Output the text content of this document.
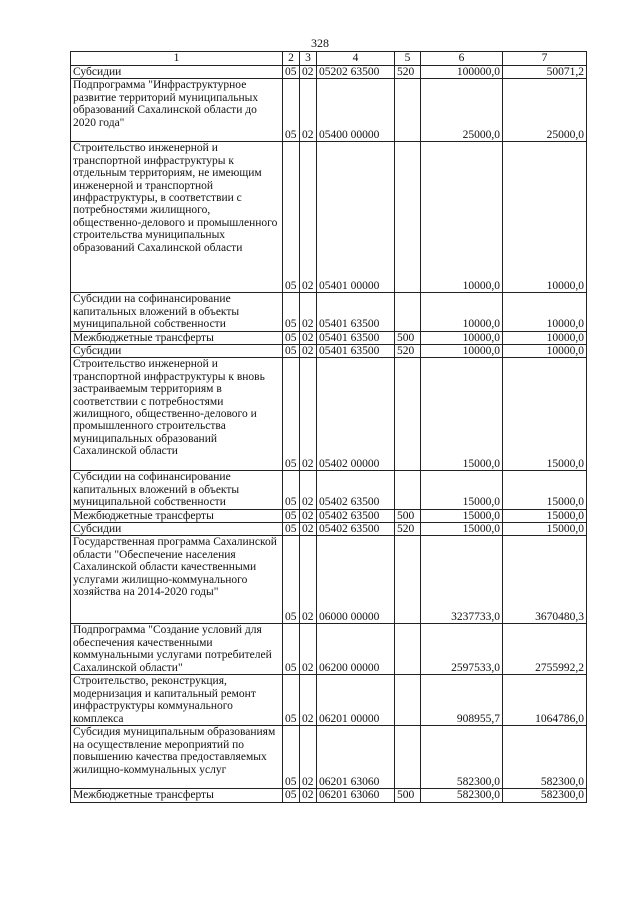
328
1	2	3	4	5	6	7
Субсидии	05	02	05202 63500	520	100000,0	50071,2
Подпрограмма "Инфраструктурное развитие территорий муниципальных образований Сахалинской области до 2020 года"	05	02	05400 00000		25000,0	25000,0
Строительство инженерной и транспортной инфраструктуры к отдельным территориям, не имеющим инженерной и транспортной инфраструктуры, в соответствии с потребностями жилищного, общественно-делового и промышленного строительства муниципальных образований Сахалинской области	05	02	05401 00000		10000,0	10000,0
Субсидии на софинансирование капитальных вложений в объекты муниципальной собственности	05	02	05401 63500		10000,0	10000,0
Межбюджетные трансферты	05	02	05401 63500	500	10000,0	10000,0
Субсидии	05	02	05401 63500	520	10000,0	10000,0
Строительство инженерной и транспортной инфраструктуры к вновь застраиваемым территориям в соответствии с потребностями жилищного, общественно-делового и промышленного строительства муниципальных образований Сахалинской области	05	02	05402 00000		15000,0	15000,0
Субсидии на софинансирование капитальных вложений в объекты муниципальной собственности	05	02	05402 63500		15000,0	15000,0
Межбюджетные трансферты	05	02	05402 63500	500	15000,0	15000,0
Субсидии	05	02	05402 63500	520	15000,0	15000,0
Государственная программа Сахалинской области "Обеспечение населения Сахалинской области качественными услугами жилищно-коммунального хозяйства на 2014-2020 годы"	05	02	06000 00000		3237733,0	3670480,3
Подпрограмма "Создание условий для обеспечения качественными коммунальными услугами потребителей Сахалинской области"	05	02	06200 00000		2597533,0	2755992,2
Строительство, реконструкция, модернизация и капитальный ремонт инфраструктуры коммунального комплекса	05	02	06201 00000		908955,7	1064786,0
Субсидия муниципальным образованиям на осуществление мероприятий по повышению качества предоставляемых жилищно-коммунальных услуг	05	02	06201 63060		582300,0	582300,0
Межбюджетные трансферты	05	02	06201 63060	500	582300,0	582300,0
